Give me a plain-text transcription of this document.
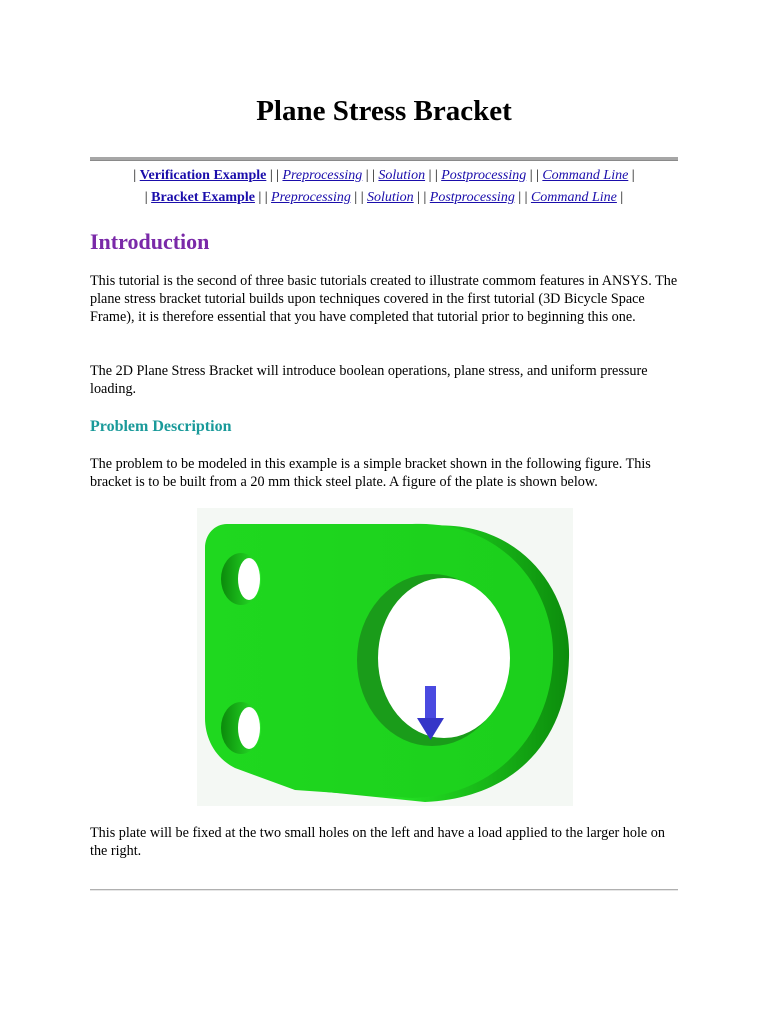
Plane Stress Bracket
| Verification Example | | Preprocessing | | Solution | | Postprocessing | | Command Line |
| Bracket Example | | Preprocessing | | Solution | | Postprocessing | | Command Line |
Introduction

This tutorial is the second of three basic tutorials created to illustrate commom features in ANSYS. The plane stress bracket tutorial builds upon techniques covered in the first tutorial (3D Bicycle Space Frame), it is therefore essential that you have completed that tutorial prior to beginning this one.

The 2D Plane Stress Bracket will introduce boolean operations, plane stress, and uniform pressure loading.

Problem Description

The problem to be modeled in this example is a simple bracket shown in the following figure. This bracket is to be built from a 20 mm thick steel plate. A figure of the plate is shown below.

This plate will be fixed at the two small holes on the left and have a load applied to the larger hole on the right.
